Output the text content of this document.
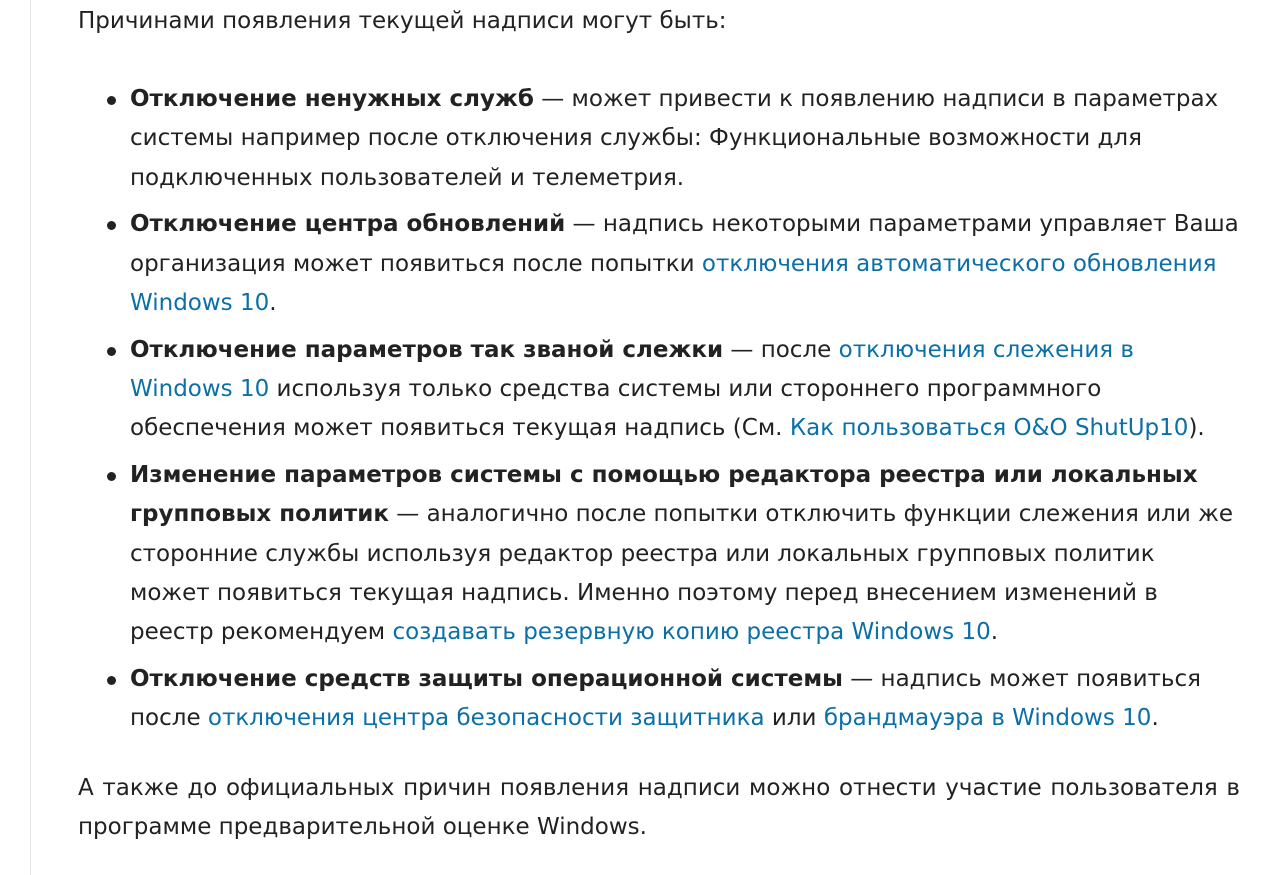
Причинами появления текущей надписи могут быть:

Отключение ненужных служб — может привести к появлению надписи в параметрах системы например после отключения службы: Функциональные возможности для подключенных пользователей и телеметрия.
Отключение центра обновлений — надпись некоторыми параметрами управляет Ваша организация может появиться после попытки отключения автоматического обновления Windows 10.
Отключение параметров так званой слежки — после отключения слежения в Windows 10 используя только средства системы или стороннего программного обеспечения может появиться текущая надпись (См. Как пользоваться O&O ShutUp10).
Изменение параметров системы с помощью редактора реестра или локальных групповых политик — аналогично после попытки отключить функции слежения или же сторонние службы используя редактор реестра или локальных групповых политик может появиться текущая надпись. Именно поэтому перед внесением изменений в реестр рекомендуем создавать резервную копию реестра Windows 10.
Отключение средств защиты операционной системы — надпись может появиться после отключения центра безопасности защитника или брандмауэра в Windows 10.

А также до официальных причин появления надписи можно отнести участие пользователя в программе предварительной оценке Windows.
